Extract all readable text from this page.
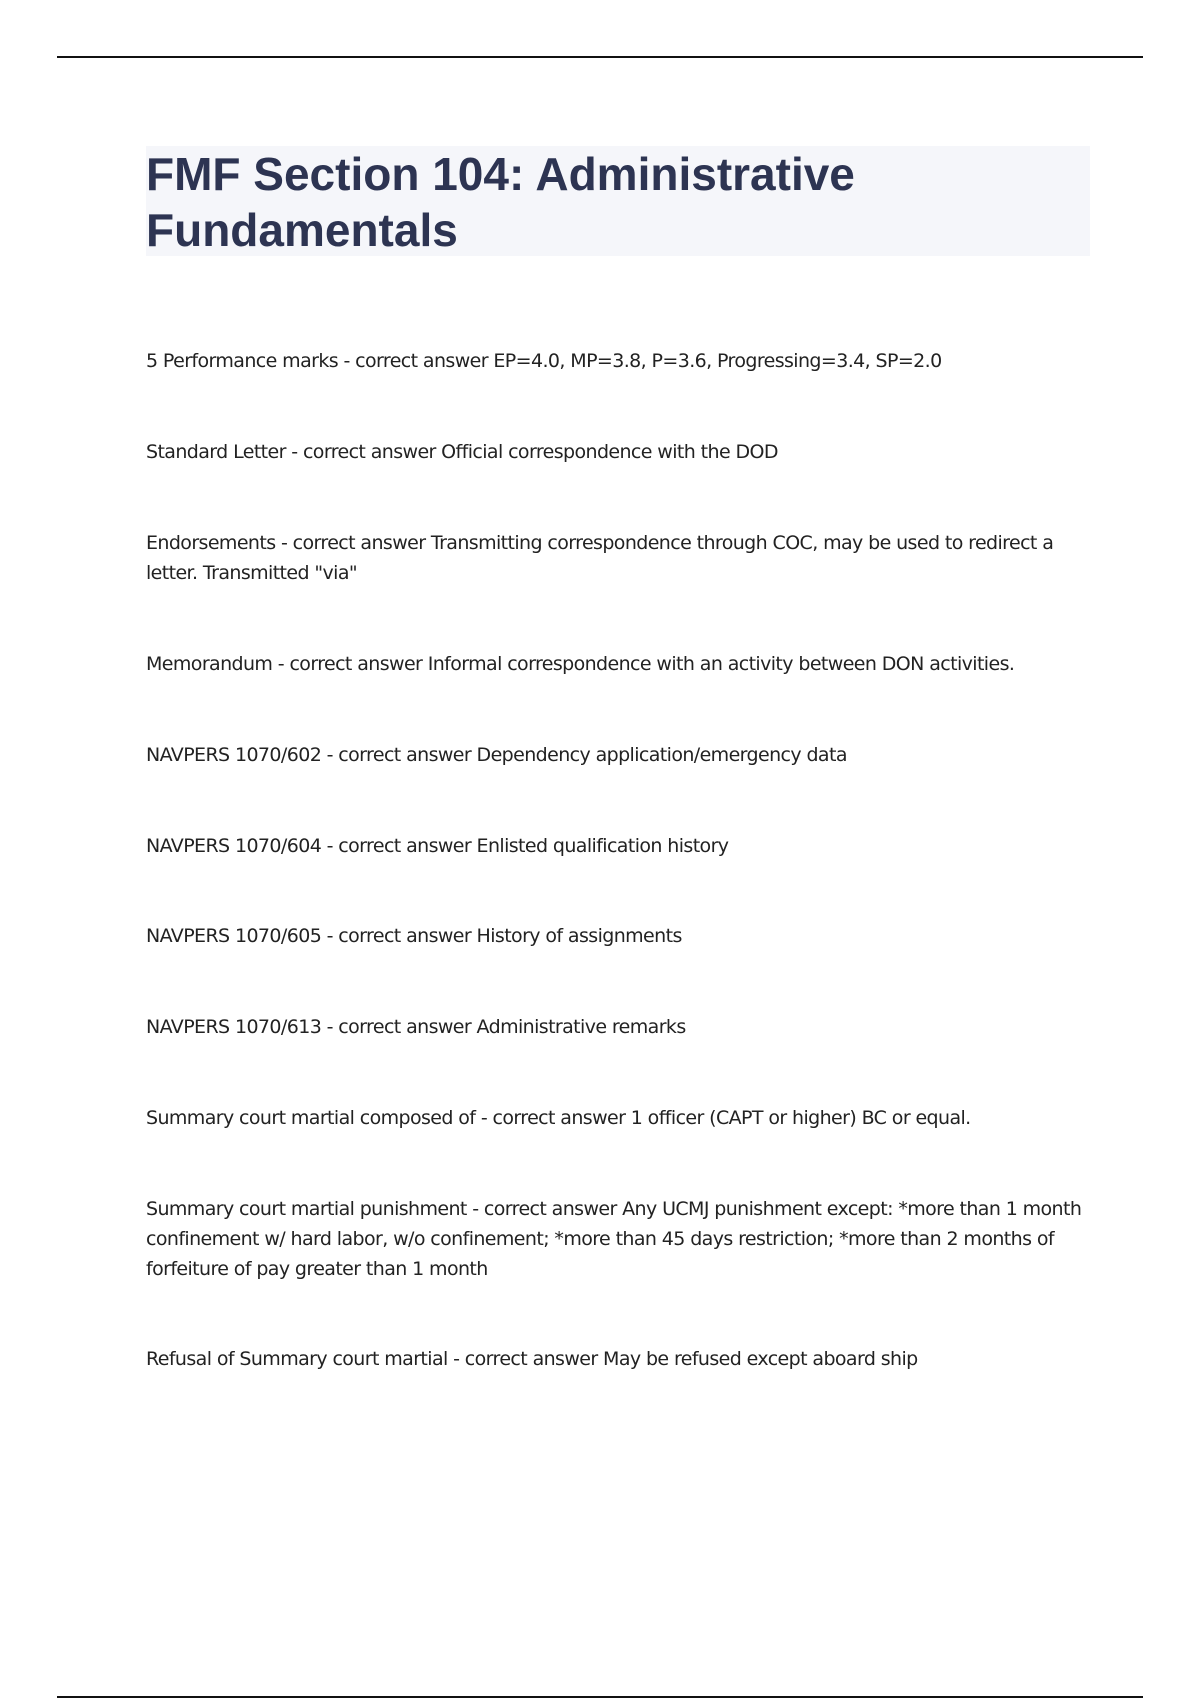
FMF Section 104: Administrative Fundamentals

5 Performance marks - correct answer EP=4.0, MP=3.8, P=3.6, Progressing=3.4, SP=2.0

Standard Letter - correct answer Official correspondence with the DOD

Endorsements - correct answer Transmitting correspondence through COC, may be used to redirect a letter. Transmitted "via"

Memorandum - correct answer Informal correspondence with an activity between DON activities.

NAVPERS 1070/602 - correct answer Dependency application/emergency data

NAVPERS 1070/604 - correct answer Enlisted qualification history

NAVPERS 1070/605 - correct answer History of assignments

NAVPERS 1070/613 - correct answer Administrative remarks

Summary court martial composed of - correct answer 1 officer (CAPT or higher) BC or equal.

Summary court martial punishment - correct answer Any UCMJ punishment except: *more than 1 month confinement w/ hard labor, w/o confinement; *more than 45 days restriction; *more than 2 months of forfeiture of pay greater than 1 month

Refusal of Summary court martial - correct answer May be refused except aboard ship
